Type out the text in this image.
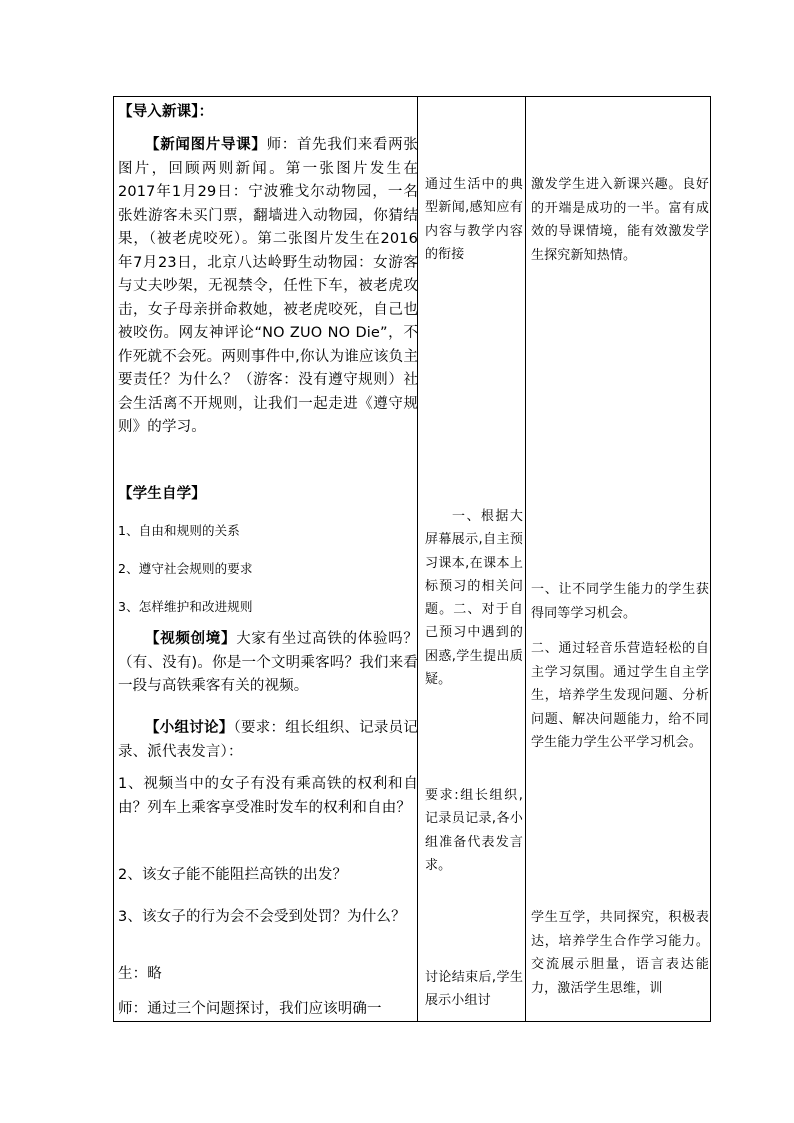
【导入新课】：

【新闻图片导课】师：首先我们来看两张图片，回顾两则新闻。第一张图片发生在2017年1月29日：宁波雅戈尔动物园，一名张姓游客未买门票，翻墙进入动物园，你猜结果，（被老虎咬死）。第二张图片发生在2016年7月23日，北京八达岭野生动物园：女游客与丈夫吵架，无视禁令，任性下车，被老虎攻击，女子母亲拼命救她，被老虎咬死，自己也被咬伤。网友神评论“NO ZUO NO Die”，不作死就不会死。两则事件中,你认为谁应该负主要责任？为什么？（游客：没有遵守规则）社会生活离不开规则，让我们一起走进《遵守规则》的学习。

【学生自学】

1、自由和规则的关系

2、遵守社会规则的要求

3、怎样维护和改进规则

【视频创境】大家有坐过高铁的体验吗？（有、没有)。你是一个文明乘客吗？我们来看一段与高铁乘客有关的视频。

【小组讨论】（要求：组长组织、记录员记录、派代表发言）：

1、视频当中的女子有没有乘高铁的权利和自由？列车上乘客享受准时发车的权利和自由？

2、该女子能不能阻拦高铁的出发？

3、该女子的行为会不会受到处罚？为什么？

生：略

师：通过三个问题探讨，我们应该明确一

通过生活中的典型新闻,感知应有内容与教学内容的衔接

一、根据大屏幕展示,自主预习课本,在课本上标预习的相关问题。二、对于自己预习中遇到的困惑,学生提出质疑。

要求:组长组织,记录员记录,各小组准备代表发言求。

讨论结束后,学生展示小组讨

激发学生进入新课兴趣。良好的开端是成功的一半。富有成效的导课情境，能有效激发学生探究新知热情。

一、让不同学生能力的学生获得同等学习机会。

二、通过轻音乐营造轻松的自主学习氛围。通过学生自主学生，培养学生发现问题、分析问题、解决问题能力，给不同学生能力学生公平学习机会。

学生互学，共同探究，积极表达，培养学生合作学习能力。交流展示胆量，语言表达能力，激活学生思维，训
